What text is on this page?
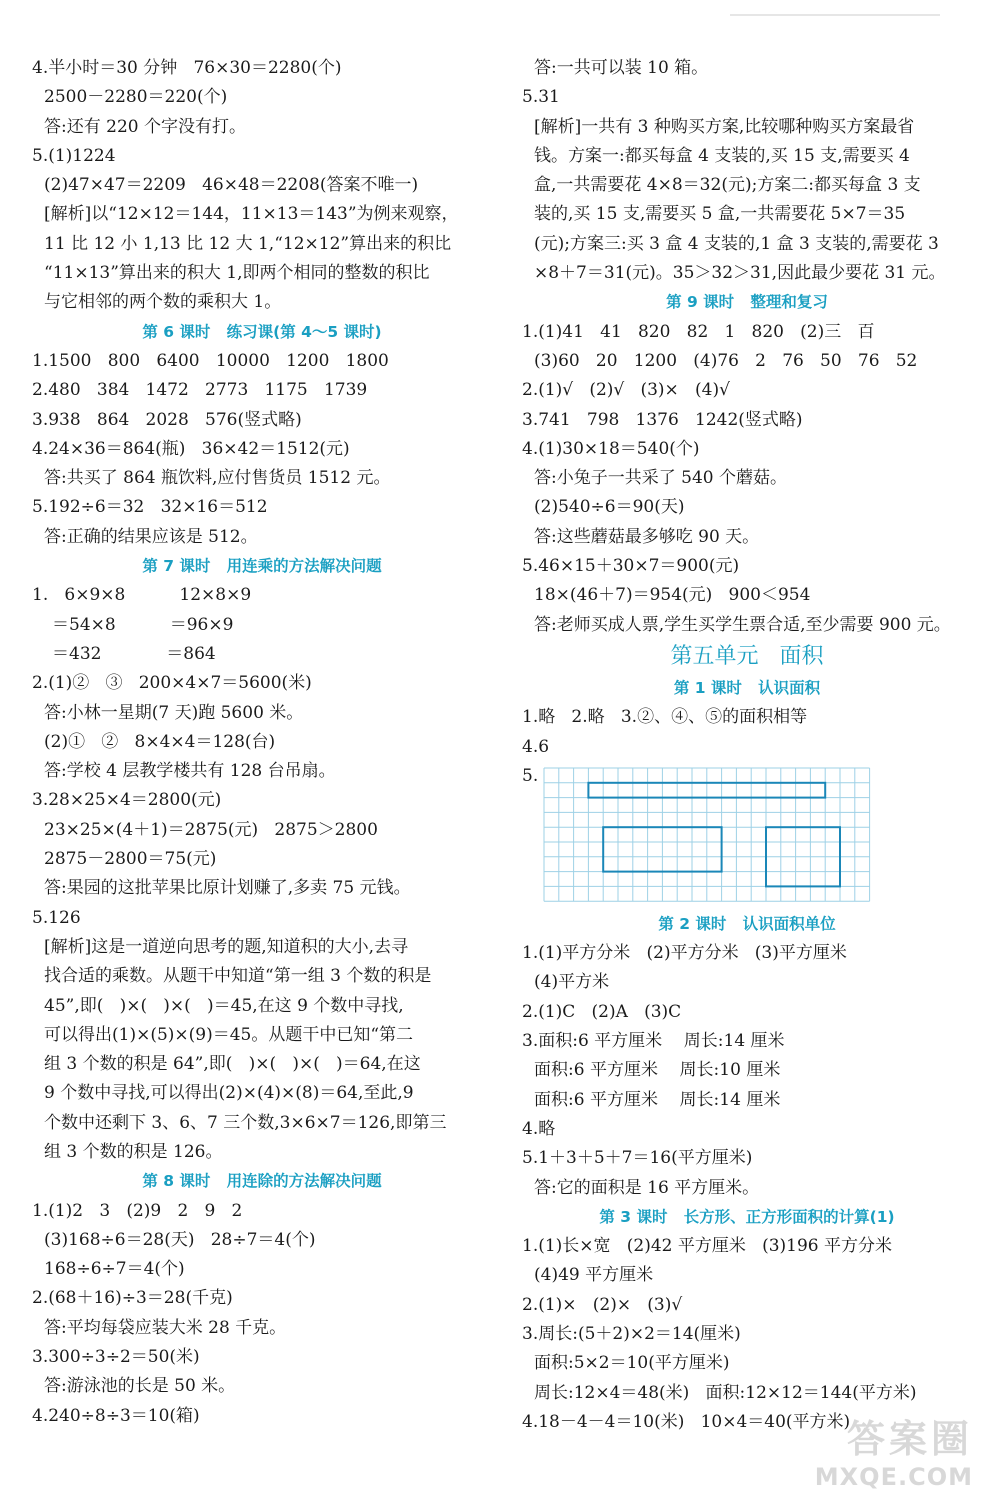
4.半小时＝30 分钟   76×30＝2280(个)
2500－2280＝220(个)
答:还有 220 个字没有打。
5.(1)1224
(2)47×47＝2209   46×48＝2208(答案不唯一)
[解析]以“12×12＝144，11×13＝143”为例来观察，
11 比 12 小 1,13 比 12 大 1,“12×12”算出来的积比
“11×13”算出来的积大 1,即两个相同的整数的积比
与它相邻的两个数的乘积大 1。
第 6 课时   练习课(第 4～5 课时)
1.1500   800   6400   10000   1200   1800
2.480   384   1472   2773   1175   1739
3.938   864   2028   576(竖式略)
4.24×36＝864(瓶)   36×42＝1512(元)
答:共买了 864 瓶饮料,应付售货员 1512 元。
5.192÷6＝32   32×16＝512
答:正确的结果应该是 512。
第 7 课时   用连乘的方法解决问题
1.   6×9×8          12×8×9
＝54×8          ＝96×9
＝432            ＝864
2.(1)②   ③   200×4×7＝5600(米)
答:小林一星期(7 天)跑 5600 米。
(2)①   ②   8×4×4＝128(台)
答:学校 4 层教学楼共有 128 台吊扇。
3.28×25×4＝2800(元)
23×25×(4＋1)＝2875(元)   2875＞2800
2875－2800＝75(元)
答:果园的这批苹果比原计划赚了,多卖 75 元钱。
5.126
[解析]这是一道逆向思考的题,知道积的大小,去寻
找合适的乘数。从题干中知道“第一组 3 个数的积是
45”,即(   )×(   )×(   )＝45,在这 9 个数中寻找,
可以得出(1)×(5)×(9)＝45。从题干中已知“第二
组 3 个数的积是 64”,即(   )×(   )×(   )＝64,在这
9 个数中寻找,可以得出(2)×(4)×(8)＝64,至此,9
个数中还剩下 3、6、7 三个数,3×6×7＝126,即第三
组 3 个数的积是 126。
第 8 课时   用连除的方法解决问题
1.(1)2   3   (2)9   2   9   2
(3)168÷6＝28(天)   28÷7＝4(个)
168÷6÷7＝4(个)
2.(68＋16)÷3＝28(千克)
答:平均每袋应装大米 28 千克。
3.300÷3÷2＝50(米)
答:游泳池的长是 50 米。
4.240÷8÷3＝10(箱)
答:一共可以装 10 箱。
5.31
[解析]一共有 3 种购买方案,比较哪种购买方案最省
钱。方案一:都买每盒 4 支装的,买 15 支,需要买 4
盒,一共需要花 4×8＝32(元);方案二:都买每盒 3 支
装的,买 15 支,需要买 5 盒,一共需要花 5×7＝35
(元);方案三:买 3 盒 4 支装的,1 盒 3 支装的,需要花 3
×8＋7＝31(元)。35＞32＞31,因此最少要花 31 元。
第 9 课时   整理和复习
1.(1)41   41   820   82   1   820   (2)三   百
(3)60   20   1200   (4)76   2   76   50   76   52
2.(1)√   (2)√   (3)×   (4)√
3.741   798   1376   1242(竖式略)
4.(1)30×18＝540(个)
答:小兔子一共采了 540 个蘑菇。
(2)540÷6＝90(天)
答:这些蘑菇最多够吃 90 天。
5.46×15＋30×7＝900(元)
18×(46＋7)＝954(元)   900＜954
答:老师买成人票,学生买学生票合适,至少需要 900 元。
第五单元   面积
第 1 课时   认识面积
1.略   2.略   3.②、④、⑤的面积相等
4.6
5.
第 2 课时   认识面积单位
1.(1)平方分米   (2)平方分米   (3)平方厘米
(4)平方米
2.(1)C   (2)A   (3)C
3.面积:6 平方厘米    周长:14 厘米
面积:6 平方厘米    周长:10 厘米
面积:6 平方厘米    周长:14 厘米
4.略
5.1＋3＋5＋7＝16(平方厘米)
答:它的面积是 16 平方厘米。
第 3 课时   长方形、正方形面积的计算(1)
1.(1)长×宽   (2)42 平方厘米   (3)196 平方分米
(4)49 平方厘米
2.(1)×   (2)×   (3)√
3.周长:(5＋2)×2＝14(厘米)
面积:5×2＝10(平方厘米)
周长:12×4＝48(米)   面积:12×12＝144(平方米)
4.18－4－4＝10(米)   10×4＝40(平方米)
答案圈
MXQE.COM
